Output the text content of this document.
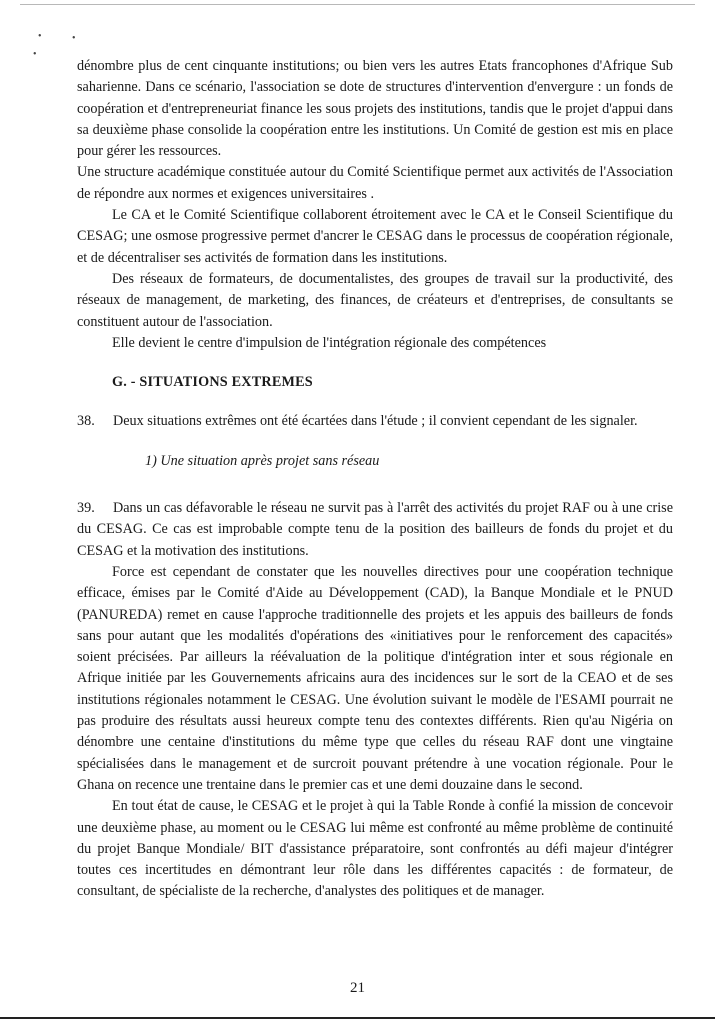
•	•
•

dénombre plus de cent cinquante institutions; ou bien vers les autres Etats francophones d'Afrique Sub saharienne. Dans ce scénario, l'association se dote de structures d'intervention d'envergure : un fonds de coopération et d'entrepreneuriat finance les sous projets des institutions, tandis que le projet d'appui dans sa deuxième phase consolide la coopération entre les institutions. Un Comité de gestion est mis en place pour gérer les ressources.

Une structure académique constituée autour du Comité Scientifique permet aux activités de l'Association de répondre aux normes et exigences universitaires .

Le CA et le Comité Scientifique collaborent étroitement avec le CA et le Conseil Scientifique du CESAG; une osmose progressive permet d'ancrer le CESAG dans le processus de coopération régionale, et de décentraliser ses activités de formation dans les institutions.

Des réseaux de formateurs, de documentalistes, des groupes de travail sur la productivité, des réseaux de management, de marketing, des finances, de créateurs et d'entreprises, de consultants se constituent autour de l'association.

Elle devient le centre d'impulsion de l'intégration régionale des compétences

G. - SITUATIONS EXTREMES

38. Deux situations extrêmes ont été écartées dans l'étude ; il convient cependant de les signaler.

1) Une situation après projet sans réseau

39. Dans un cas défavorable le réseau ne survit pas à l'arrêt des activités du projet RAF ou à une crise du CESAG. Ce cas est improbable compte tenu de la position des bailleurs de fonds du projet et du CESAG et la motivation des institutions.

Force est cependant de constater que les nouvelles directives pour une coopération technique efficace, émises par le Comité d'Aide au Développement (CAD), la Banque Mondiale et le PNUD (PANUREDA) remet en cause l'approche traditionnelle des projets et les appuis des bailleurs de fonds sans pour autant que les modalités d'opérations des «initiatives pour le renforcement des capacités» soient précisées. Par ailleurs la réévaluation de la politique d'intégration inter et sous régionale en Afrique initiée par les Gouvernements africains aura des incidences sur le sort de la CEAO et de ses institutions régionales notamment le CESAG. Une évolution suivant le modèle de l'ESAMI pourrait ne pas produire des résultats aussi heureux compte tenu des contextes différents. Rien qu'au Nigéria on dénombre une centaine d'institutions du même type que celles du réseau RAF dont une vingtaine spécialisées dans le management et de surcroit pouvant prétendre à une vocation régionale. Pour le Ghana on recence une trentaine dans le premier cas et une demi douzaine dans le second.

En tout état de cause, le CESAG et le projet à qui la Table Ronde à confié la mission de concevoir une deuxième phase, au moment ou le CESAG lui même est confronté au même problème de continuité du projet Banque Mondiale/ BIT d'assistance préparatoire, sont confrontés au défi majeur d'intégrer toutes ces incertitudes en démontrant leur rôle dans les différentes capacités : de formateur, de consultant, de spécialiste de la recherche, d'analystes des politiques et de manager.

21
